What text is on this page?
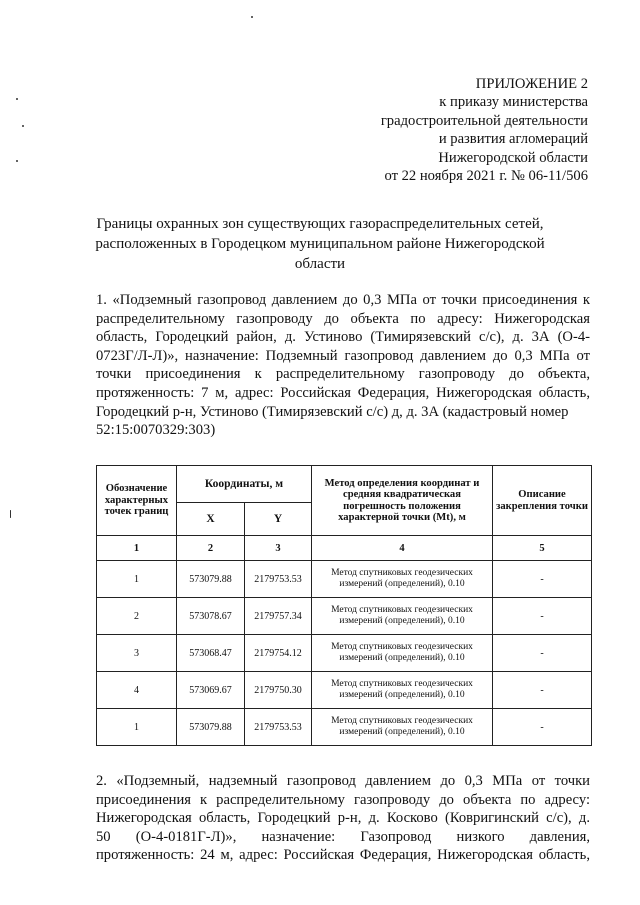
ПРИЛОЖЕНИЕ 2
к приказу министерства
градостроительной деятельности
и развития агломераций
Нижегородской области
от 22 ноября 2021 г. № 06-11/506
Границы охранных зон существующих газораспределительных сетей,
расположенных в Городецком муниципальном районе Нижегородской
области
1. «Подземный газопровод давлением до 0,3 МПа от точки присоединения к
распределительному газопроводу до объекта по адресу: Нижегородская
область, Городецкий район, д. Устиново (Тимирязевский с/с), д. 3А (О-4-
0723Г/Л-Л)», назначение: Подземный газопровод давлением до 0,3 МПа от
точки присоединения к распределительному газопроводу до объекта,
протяженность: 7 м, адрес: Российская Федерация, Нижегородская область,
Городецкий р-н, Устиново (Тимирязевский с/с) д, д. 3А (кадастровый номер
52:15:0070329:303)
Обозначение характерных точек границ	Координаты, м		Метод определения координат и средняя квадратическая погрешность положения характерной точки (Mt), м	Описание закрепления точки
	X	Y		
1	2	3	4	5
1	573079.88	2179753.53	Метод спутниковых геодезических измерений (определений), 0.10	-
2	573078.67	2179757.34	Метод спутниковых геодезических измерений (определений), 0.10	-
3	573068.47	2179754.12	Метод спутниковых геодезических измерений (определений), 0.10	-
4	573069.67	2179750.30	Метод спутниковых геодезических измерений (определений), 0.10	-
1	573079.88	2179753.53	Метод спутниковых геодезических измерений (определений), 0.10	-
2. «Подземный, надземный газопровод давлением до 0,3 МПа от точки
присоединения к распределительному газопроводу до объекта по адресу:
Нижегородская область, Городецкий р-н, д. Косково (Ковригинский с/с), д.
50 (О-4-0181Г-Л)», назначение: Газопровод низкого давления,
протяженность: 24 м, адрес: Российская Федерация, Нижегородская область,
